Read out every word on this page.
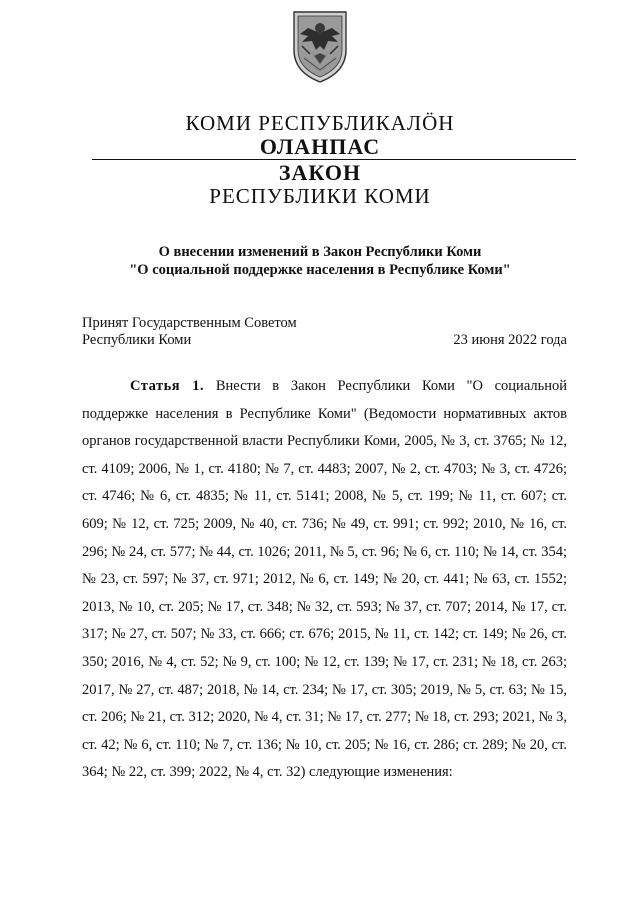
КОМИ РЕСПУБЛИКАЛӦН
ОЛАНПАС
ЗАКОН
РЕСПУБЛИКИ КОМИ
О внесении изменений в Закон Республики Коми
"О социальной поддержке населения в Республике Коми"
Принят Государственным Советом
Республики Коми	23 июня 2022 года

Статья 1. Внести в Закон Республики Коми "О социальной поддержке населения в Республике Коми" (Ведомости нормативных актов органов государственной власти Республики Коми, 2005, № 3, ст. 3765; № 12, ст. 4109; 2006, № 1, ст. 4180; № 7, ст. 4483; 2007, № 2, ст. 4703; № 3, ст. 4726; ст. 4746; № 6, ст. 4835; № 11, ст. 5141; 2008, № 5, ст. 199; № 11, ст. 607; ст. 609; № 12, ст. 725; 2009, № 40, ст. 736; № 49, ст. 991; ст. 992; 2010, № 16, ст. 296; № 24, ст. 577; № 44, ст. 1026; 2011, № 5, ст. 96; № 6, ст. 110; № 14, ст. 354; № 23, ст. 597; № 37, ст. 971; 2012, № 6, ст. 149; № 20, ст. 441; № 63, ст. 1552; 2013, № 10, ст. 205; № 17, ст. 348; № 32, ст. 593; № 37, ст. 707; 2014, № 17, ст. 317; № 27, ст. 507; № 33, ст. 666; ст. 676; 2015, № 11, ст. 142; ст. 149; № 26, ст. 350; 2016, № 4, ст. 52; № 9, ст. 100; № 12, ст. 139; № 17, ст. 231; № 18, ст. 263; 2017, № 27, ст. 487; 2018, № 14, ст. 234; № 17, ст. 305; 2019, № 5, ст. 63; № 15, ст. 206; № 21, ст. 312; 2020, № 4, ст. 31; № 17, ст. 277; № 18, ст. 293; 2021, № 3, ст. 42; № 6, ст. 110; № 7, ст. 136; № 10, ст. 205; № 16, ст. 286; ст. 289; № 20, ст. 364; № 22, ст. 399; 2022, № 4, ст. 32) следующие изменения:
